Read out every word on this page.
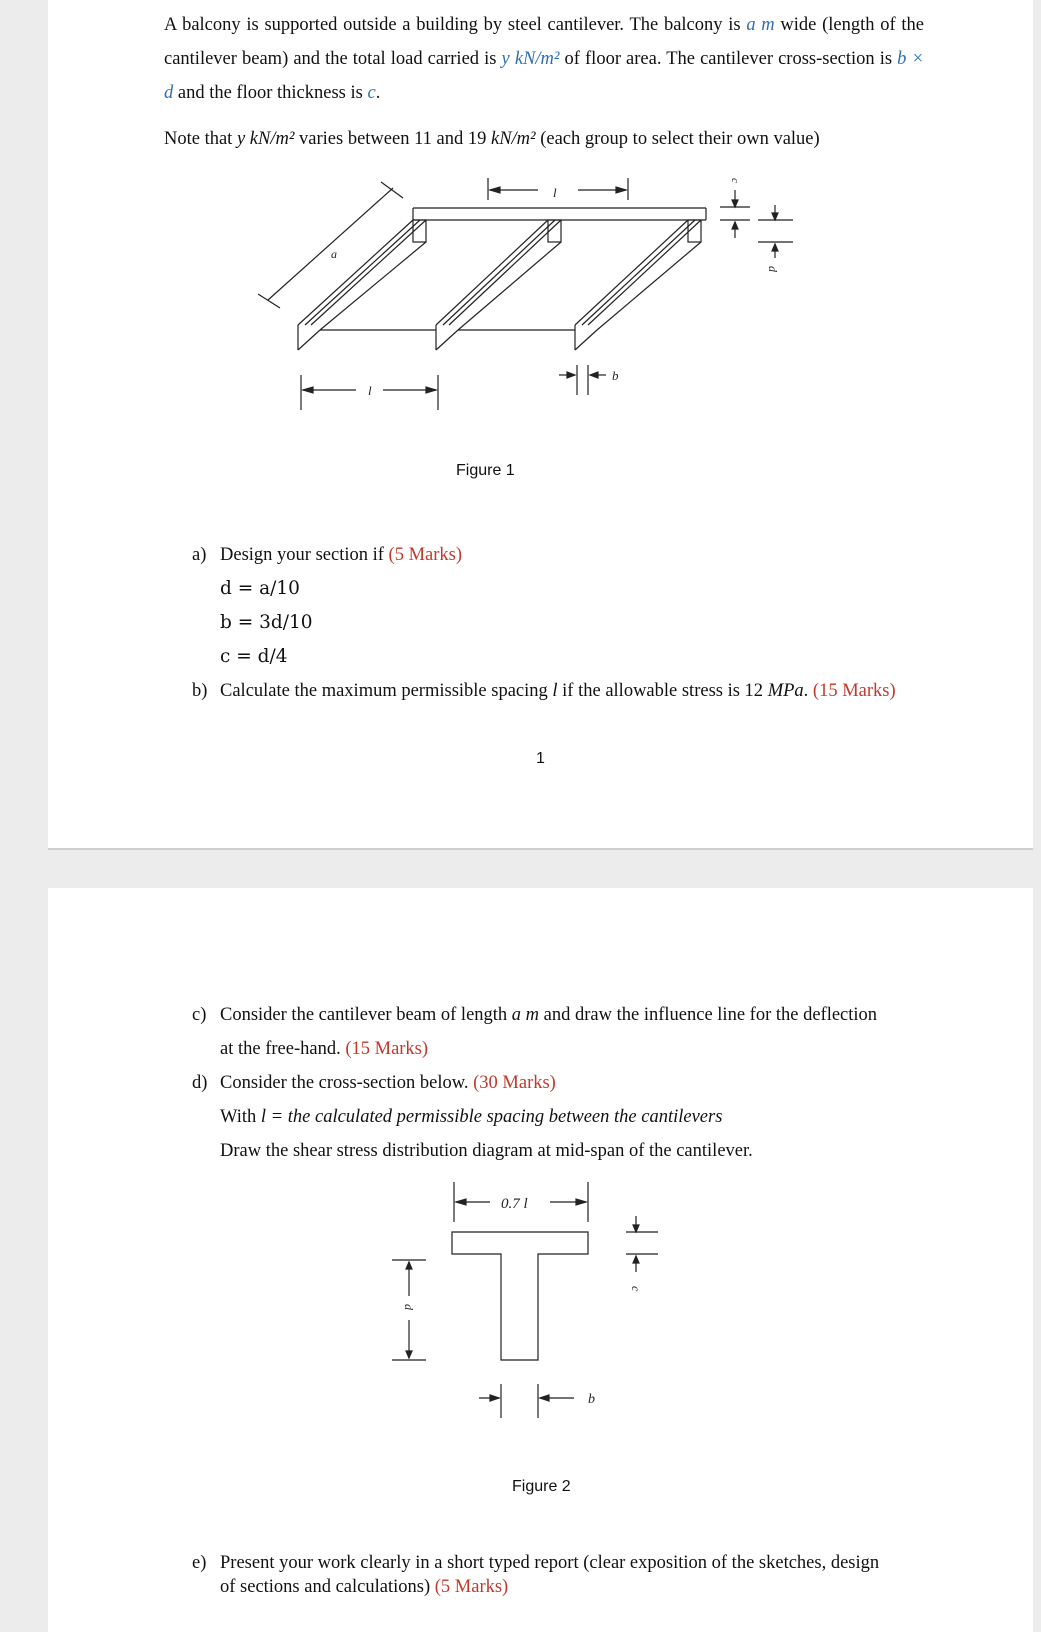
A balcony is supported outside a building by steel cantilever. The balcony is a m wide (length of the cantilever beam) and the total load carried is y kN/m² of floor area. The cantilever cross-section is b × d and the floor thickness is c.

Note that y kN/m² varies between 11 and 19 kN/m² (each group to select their own value)

l
a
l
b
c
d
Figure 1
a) Design your section if (5 Marks)
d = a/10
b = 3d/10
c = d/4
b) Calculate the maximum permissible spacing l if the allowable stress is 12 MPa. (15 Marks)
1
c) Consider the cantilever beam of length a m and draw the influence line for the deflection
at the free-hand. (15 Marks)
d) Consider the cross-section below. (30 Marks)
With l = the calculated permissible spacing between the cantilevers
Draw the shear stress distribution diagram at mid-span of the cantilever.
0.7 l
c
d
b
Figure 2
e) Present your work clearly in a short typed report (clear exposition of the sketches, design
of sections and calculations) (5 Marks)
